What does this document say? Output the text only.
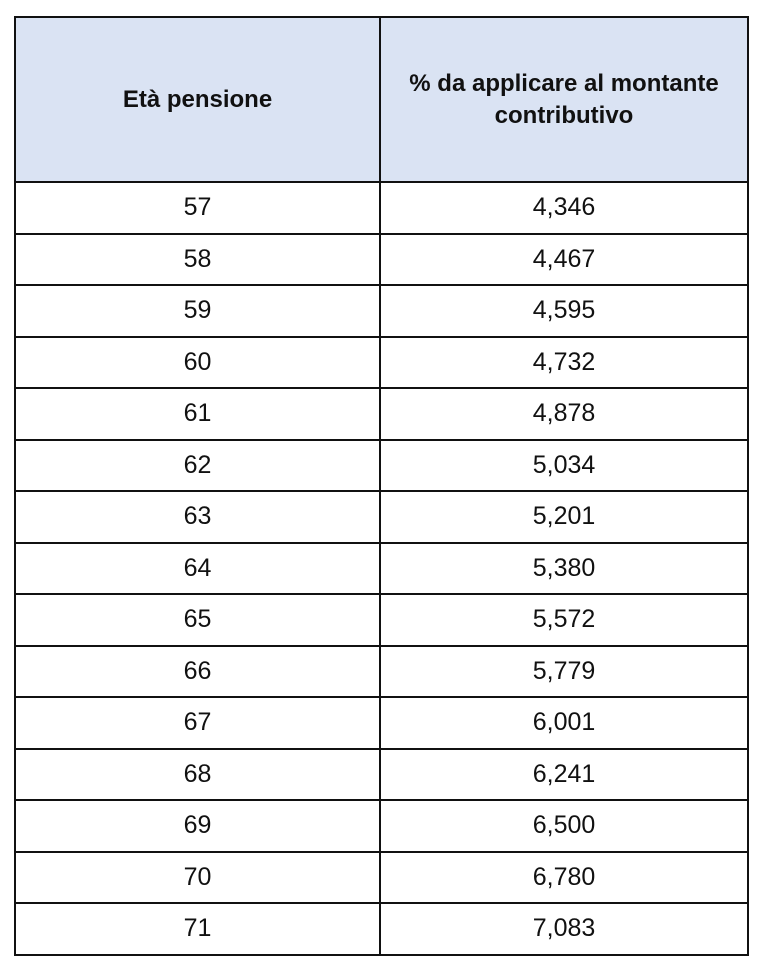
Età pensione	% da applicare al montante contributivo
57	4,346
58	4,467
59	4,595
60	4,732
61	4,878
62	5,034
63	5,201
64	5,380
65	5,572
66	5,779
67	6,001
68	6,241
69	6,500
70	6,780
71	7,083
